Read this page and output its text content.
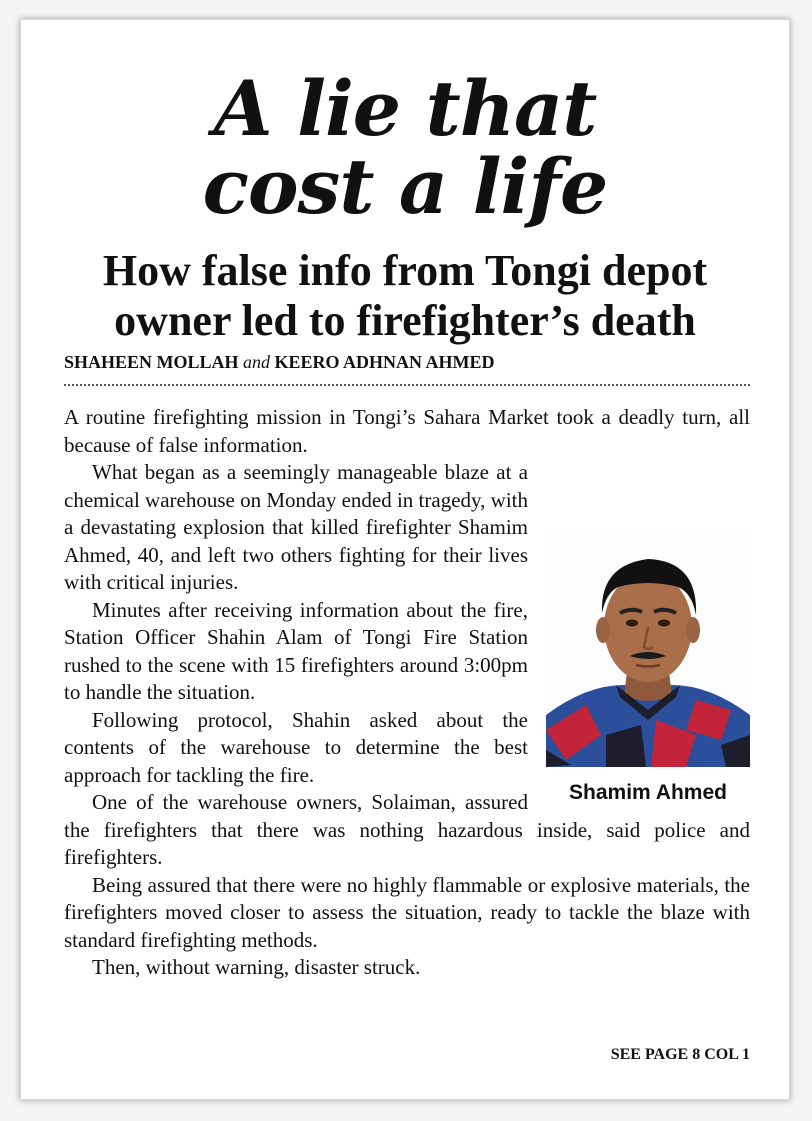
A lie that
cost a life
How false info from Tongi depot
owner led to firefighter’s death

SHAHEEN MOLLAH and KEERO ADHNAN AHMED

A routine firefighting mission in Tongi’s Sahara Market took a deadly turn, all because of false information.

Shamim Ahmed

What began as a seemingly manageable blaze at a chemical warehouse on Monday ended in tragedy, with a devastating explosion that killed firefighter Shamim Ahmed, 40, and left two others fighting for their lives with critical injuries.

Minutes after receiving information about the fire, Station Officer Shahin Alam of Tongi Fire Station rushed to the scene with 15 firefighters around 3:00pm to handle the situation.

Following protocol, Shahin asked about the contents of the warehouse to determine the best approach for tackling the fire.

One of the warehouse owners, Solaiman, assured the firefighters that there was nothing hazardous inside, said police and firefighters.

Being assured that there were no highly flammable or explosive materials, the firefighters moved closer to assess the situation, ready to tackle the blaze with standard firefighting methods.

Then, without warning, disaster struck.

SEE PAGE 8 COL 1
